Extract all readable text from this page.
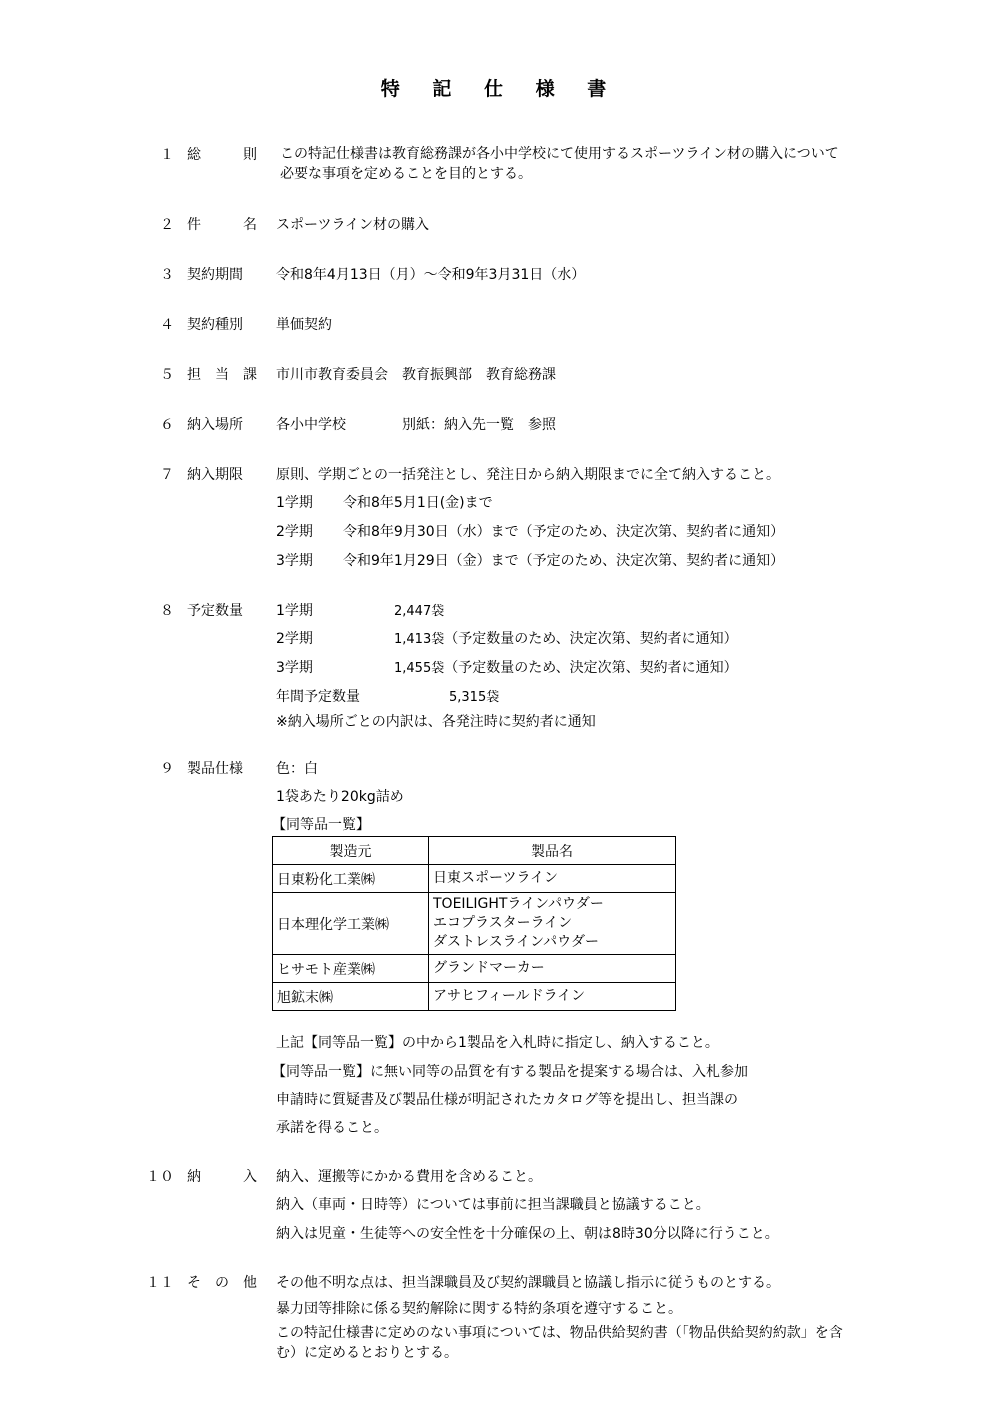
特 記 仕 様 書
１ 総	則 この特記仕様書は教育総務課が各小中学校にて使用するスポーツライン材の購入について必要な事項を定めることを目的とする。
２ 件	名 スポーツライン材の購入
３ 契約期間 令和8年4月13日（月）～令和9年3月31日（水）
４ 契約種別 単価契約
５ 担 当 課 市川市教育委員会　教育振興部　教育総務課
６ 納入場所 各小中学校　　　　別紙：納入先一覧　参照
７ 納入期限 原則、学期ごとの一括発注とし、発注日から納入期限までに全て納入すること。
1学期	令和8年5月1日(金)まで
2学期	令和8年9月30日（水）まで（予定のため、決定次第、契約者に通知）
3学期	令和9年1月29日（金）まで（予定のため、決定次第、契約者に通知）
８ 予定数量 1学期	2,447袋
2学期	1,413袋（予定数量のため、決定次第、契約者に通知）
3学期	1,455袋（予定数量のため、決定次第、契約者に通知）
年間予定数量	5,315袋
※納入場所ごとの内訳は、各発注時に契約者に通知
９ 製品仕様 色：白
1袋あたり20kg詰め
【同等品一覧】
製造元	製品名
日東粉化工業㈱	日東スポーツライン

日本理化学工業㈱	TOEILIGHTラインパウダー
エコプラスターライン
ダストレスラインパウダー

ヒサモト産業㈱	グランドマーカー

旭鉱末㈱	アサヒフィールドライン
上記【同等品一覧】の中から1製品を入札時に指定し、納入すること。
【同等品一覧】に無い同等の品質を有する製品を提案する場合は、入札参加
申請時に質疑書及び製品仕様が明記されたカタログ等を提出し、担当課の
承諾を得ること。
１０ 納	入 納入、運搬等にかかる費用を含めること。
納入（車両・日時等）については事前に担当課職員と協議すること。
納入は児童・生徒等への安全性を十分確保の上、朝は8時30分以降に行うこと。
１１ そ の 他 その他不明な点は、担当課職員及び契約課職員と協議し指示に従うものとする。
暴力団等排除に係る契約解除に関する特約条項を遵守すること。
この特記仕様書に定めのない事項については、物品供給契約書（「物品供給契約約款」を含む）に定めるとおりとする。
